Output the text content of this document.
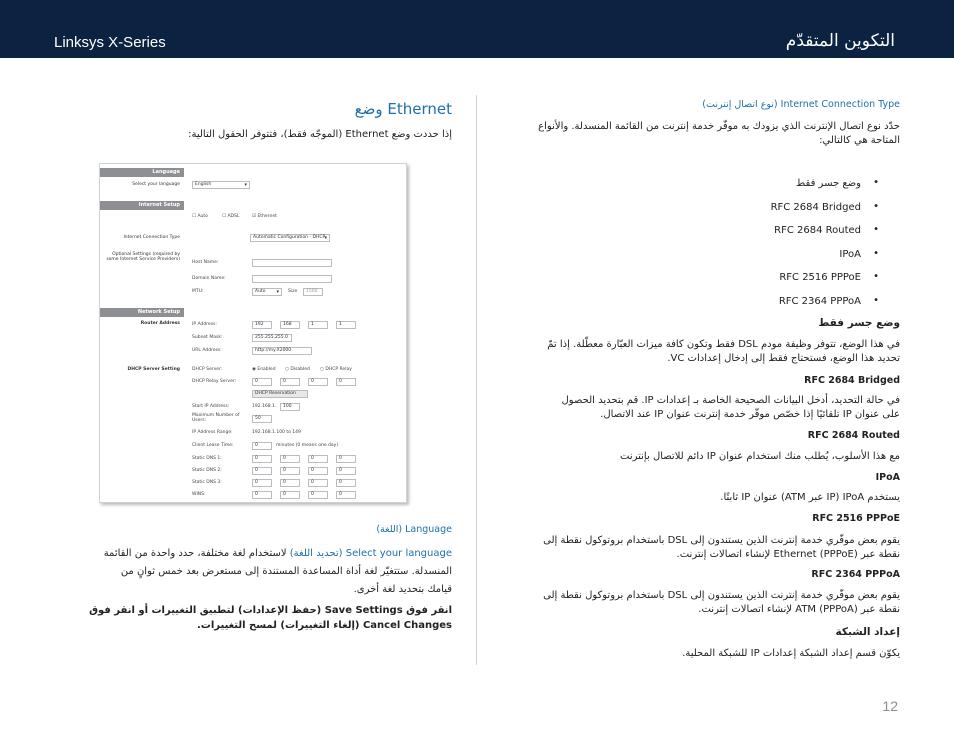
Linksys X-Series	التكوين المتقدّم
Ethernet وضع
إذا حددت وضع Ethernet (الموجّه فقط)، فتتوفر الحقول التالية:
Language
Select your language	English ▾
Internet Setup
☐ Auto	☐ ADSL	☑ Ethernet
Internet Connection Type	Automatic Configuration - DHCP ▾
Optional Settings (required by some Internet Service Providers)
Host Name:
Domain Name:
MTU:	Auto ▾	Size	1500
Network Setup
Router Address	IP Address:	192	168	1	1
Subnet Mask:	255.255.255.0
URL Address:	http://my.X2000
DHCP Server Setting	DHCP Server:	◉ Enabled ○ Disabled ○ DHCP Relay
DHCP Relay Server:	0	0	0	0
DHCP Reservation
Start IP Address:	192.168.1.	100
Maximum Number of Users:	50
IP Address Range:	192.168.1.100 to 149
Client Lease Time:	0	minutes (0 means one day)
Static DNS 1:	0	0	0	0
Static DNS 2:	0	0	0	0
Static DNS 3:	0	0	0	0
WINS:	0	0	0	0
Language (اللغة)
Select your language (تحديد اللغة) لاستخدام لغة مختلفة، حدد واحدة من القائمة
المنسدلة. ستتغيّر لغة أداة المساعدة المستندة إلى مستعرض بعد خمس ثوانٍ من
قيامك بتحديد لغة أخرى.
انقر فوق Save Settings (حفظ الإعدادات) لتطبيق التغييرات أو انقر فوق
Cancel Changes (إلغاء التغييرات) لمسح التغييرات.
Internet Connection Type (نوع اتصال إنترنت)
حدّد نوع اتصال الإنترنت الذي يزودك به موفّر خدمة إنترنت من القائمة المنسدلة. والأنواع
المتاحة هي كالتالي:
وضع جسر فقط •
RFC 2684 Bridged •
RFC 2684 Routed •
IPoA •
RFC 2516 PPPoE •
RFC 2364 PPPoA •
وضع جسر فقط
في هذا الوضع، تتوفر وظيفة مودم DSL فقط وتكون كافة ميزات العبّارة معطّلة. إذا تمّ
تحديد هذا الوضع، فستحتاج فقط إلى إدخال إعدادات VC.
RFC 2684 Bridged
في حالة التحديد، أدخل البيانات الصحيحة الخاصة بـ إعدادات IP. قم بتحديد الحصول
على عنوان IP تلقائيًا إذا خصّص موفّر خدمة إنترنت عنوان IP عند الاتصال.
RFC 2684 Routed
مع هذا الأسلوب، يُطلب منك استخدام عنوان IP دائم للاتصال بإنترنت
IPoA
يستخدم IPoA (IP عبر ATM) عنوان IP ثابتًا.
RFC 2516 PPPoE
يقوم بعض موفّري خدمة إنترنت الذين يستندون إلى DSL باستخدام بروتوكول نقطة إلى
نقطة عبر Ethernet (PPPoE) لإنشاء اتصالات إنترنت.
RFC 2364 PPPoA
يقوم بعض موفّري خدمة إنترنت الذين يستندون إلى DSL باستخدام بروتوكول نقطة إلى
نقطة عبر ATM (PPPoA) لإنشاء اتصالات إنترنت.
إعداد الشبكة
يكوّن قسم إعداد الشبكة إعدادات IP للشبكة المحلية.
12
